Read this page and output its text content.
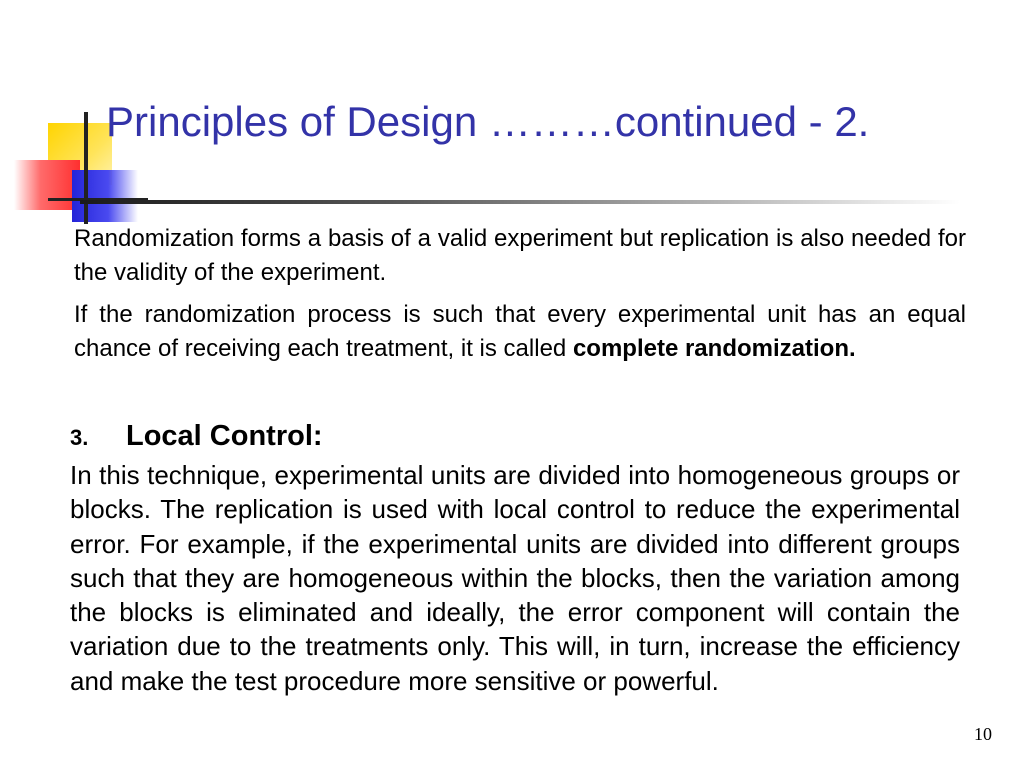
Principles of Design ………continued - 2.

Randomization forms a basis of a valid experiment but replication is also needed for the validity of the experiment.

If the randomization process is such that every experimental unit has an equal chance of receiving each treatment, it is called complete randomization.

3. Local Control:

In this technique, experimental units are divided into homogeneous groups or blocks. The replication is used with local control to reduce the experimental error. For example, if the experimental units are divided into different groups such that they are homogeneous within the blocks, then the variation among the blocks is eliminated and ideally, the error component will contain the variation due to the treatments only. This will, in turn, increase the efficiency and make the test procedure more sensitive or powerful.

10
